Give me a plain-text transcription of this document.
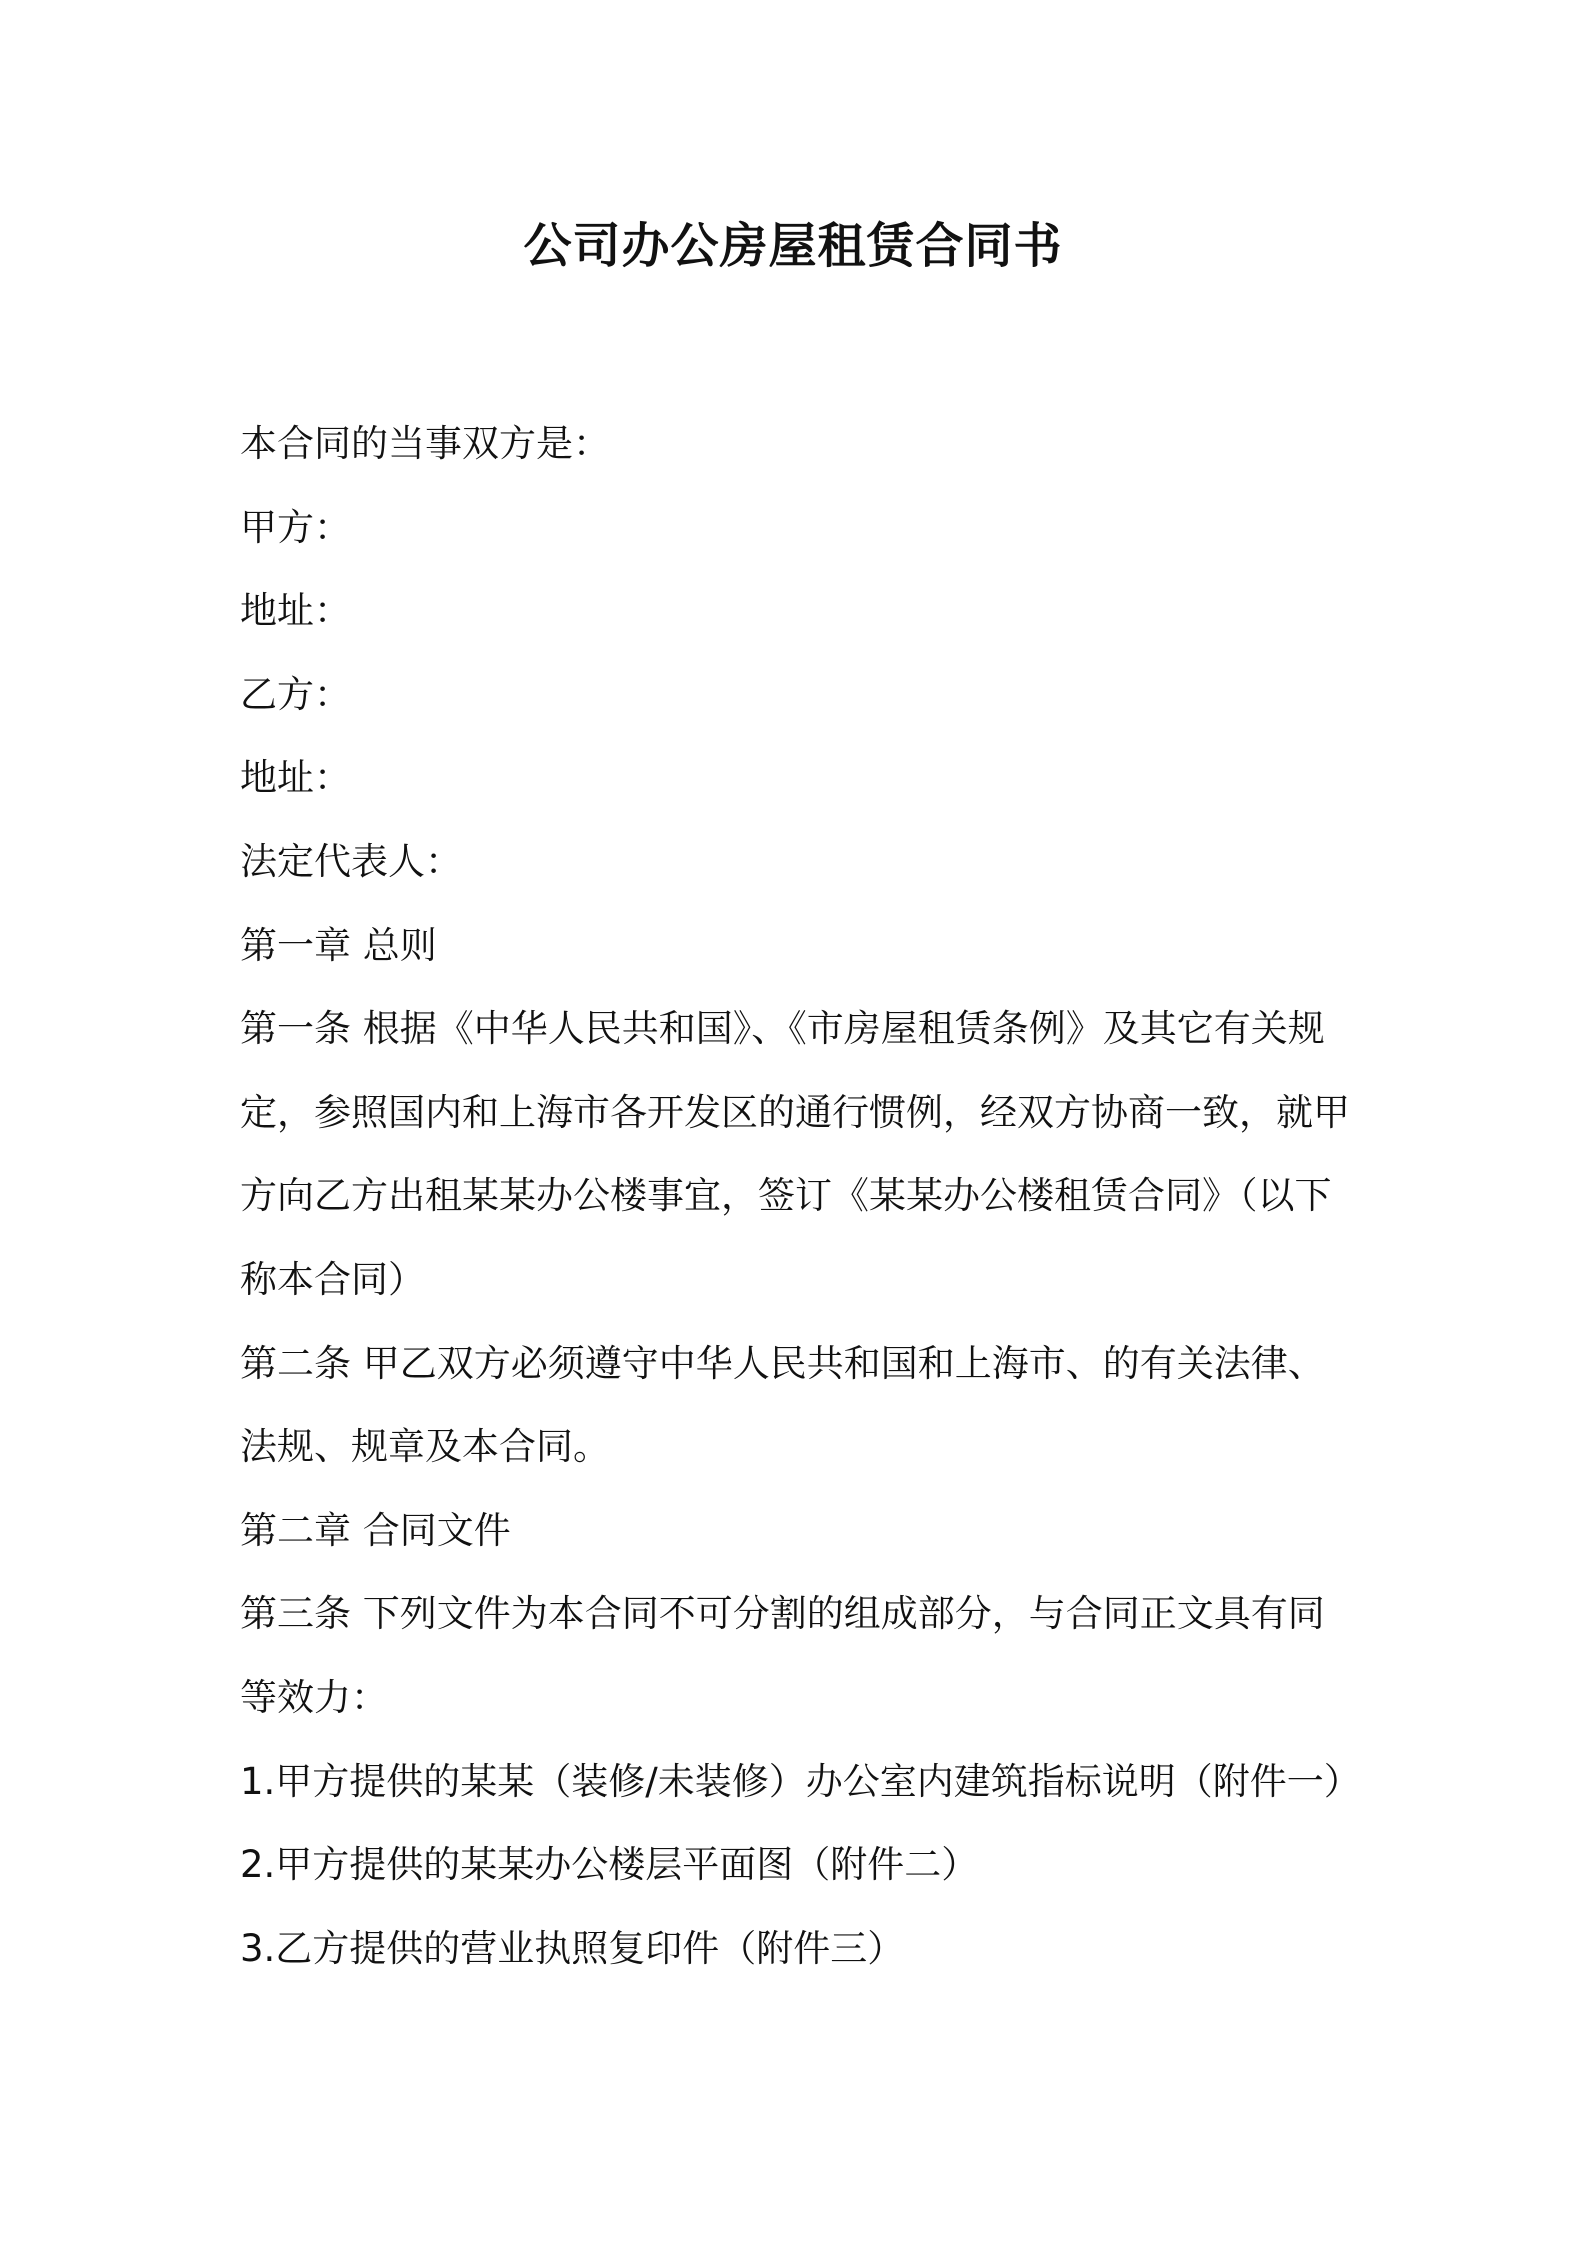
公司办公房屋租赁合同书

本合同的当事双方是：

甲方：

地址：

乙方：

地址：

法定代表人：

第一章 总则

第一条 根据《中华人民共和国》、《市房屋租赁条例》及其它有关规

定，参照国内和上海市各开发区的通行惯例，经双方协商一致，就甲

方向乙方出租某某办公楼事宜，签订《某某办公楼租赁合同》（以下

称本合同）

第二条 甲乙双方必须遵守中华人民共和国和上海市、的有关法律、

法规、规章及本合同。

第二章 合同文件

第三条 下列文件为本合同不可分割的组成部分，与合同正文具有同

等效力：

1.甲方提供的某某（装修/未装修）办公室内建筑指标说明（附件一）

2.甲方提供的某某办公楼层平面图（附件二）

3.乙方提供的营业执照复印件（附件三）
